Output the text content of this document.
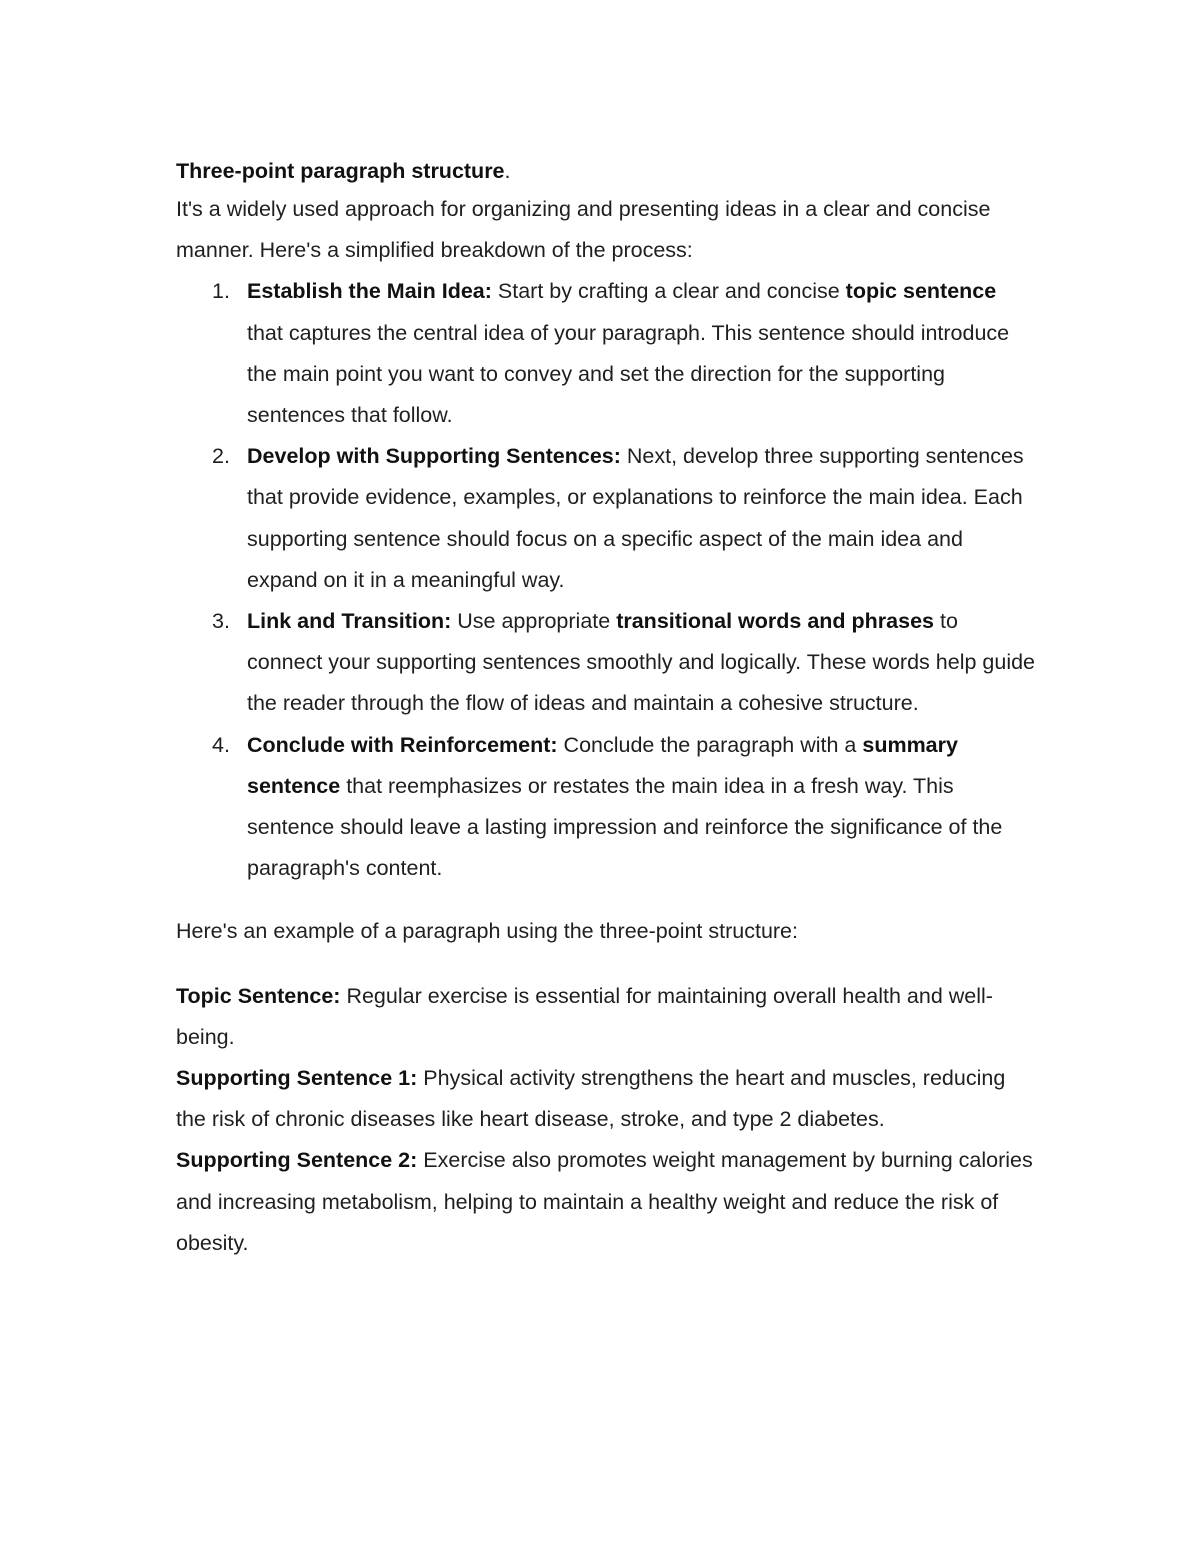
Three-point paragraph structure.

It's a widely used approach for organizing and presenting ideas in a clear and concise manner. Here's a simplified breakdown of the process:

1. Establish the Main Idea: Start by crafting a clear and concise topic sentence that captures the central idea of your paragraph. This sentence should introduce the main point you want to convey and set the direction for the supporting sentences that follow.
2. Develop with Supporting Sentences: Next, develop three supporting sentences that provide evidence, examples, or explanations to reinforce the main idea. Each supporting sentence should focus on a specific aspect of the main idea and expand on it in a meaningful way.
3. Link and Transition: Use appropriate transitional words and phrases to connect your supporting sentences smoothly and logically. These words help guide the reader through the flow of ideas and maintain a cohesive structure.
4. Conclude with Reinforcement: Conclude the paragraph with a summary sentence that reemphasizes or restates the main idea in a fresh way. This sentence should leave a lasting impression and reinforce the significance of the paragraph's content.

Here's an example of a paragraph using the three-point structure:

Topic Sentence: Regular exercise is essential for maintaining overall health and well-being.

Supporting Sentence 1: Physical activity strengthens the heart and muscles, reducing the risk of chronic diseases like heart disease, stroke, and type 2 diabetes.

Supporting Sentence 2: Exercise also promotes weight management by burning calories and increasing metabolism, helping to maintain a healthy weight and reduce the risk of obesity.
